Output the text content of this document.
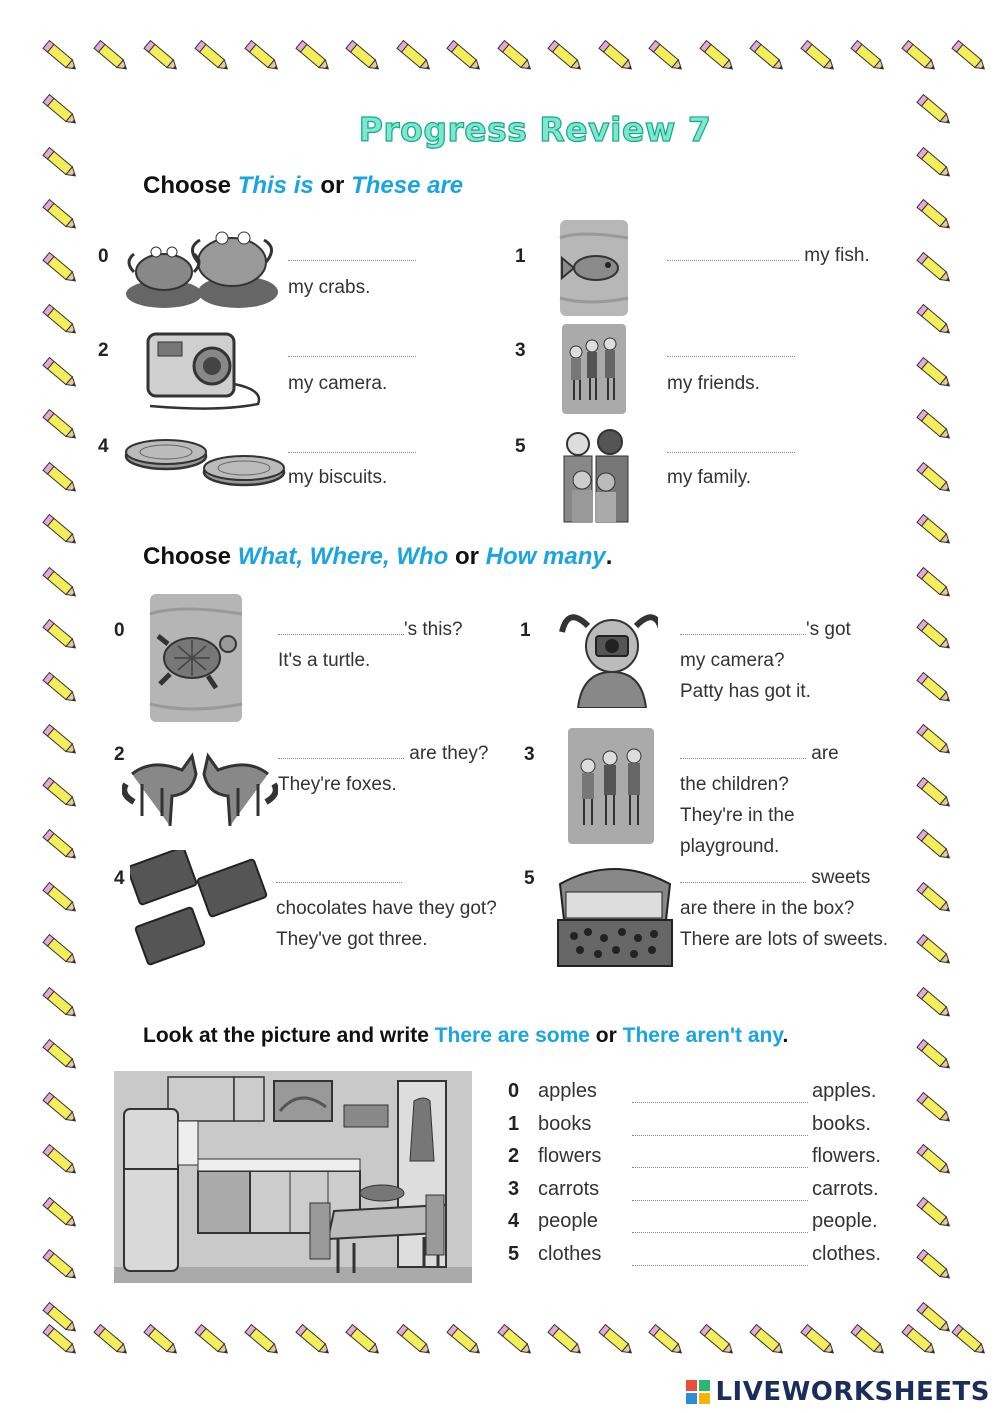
Progress Review 7
Choose This is or These are
0
my crabs.
1	my fish.
2
my camera.
3
my friends.
4
my biscuits.
5
my family.
Choose What, Where, Who or How many.
0	's this?
It's a turtle.
1	's got
my camera?
Patty has got it.
2	are they?
They're foxes.
3	are
the children?
They're in the
playground.
4
chocolates have they got?
They've got three.
5	sweets
are there in the box?
There are lots of sweets.
Look at the picture and write There are some or There aren't any.
0 apples	apples.
1 books	books.
2 flowers	flowers.
3 carrots	carrots.
4 people	people.
5 clothes	clothes.
LIVEWORKSHEETS
